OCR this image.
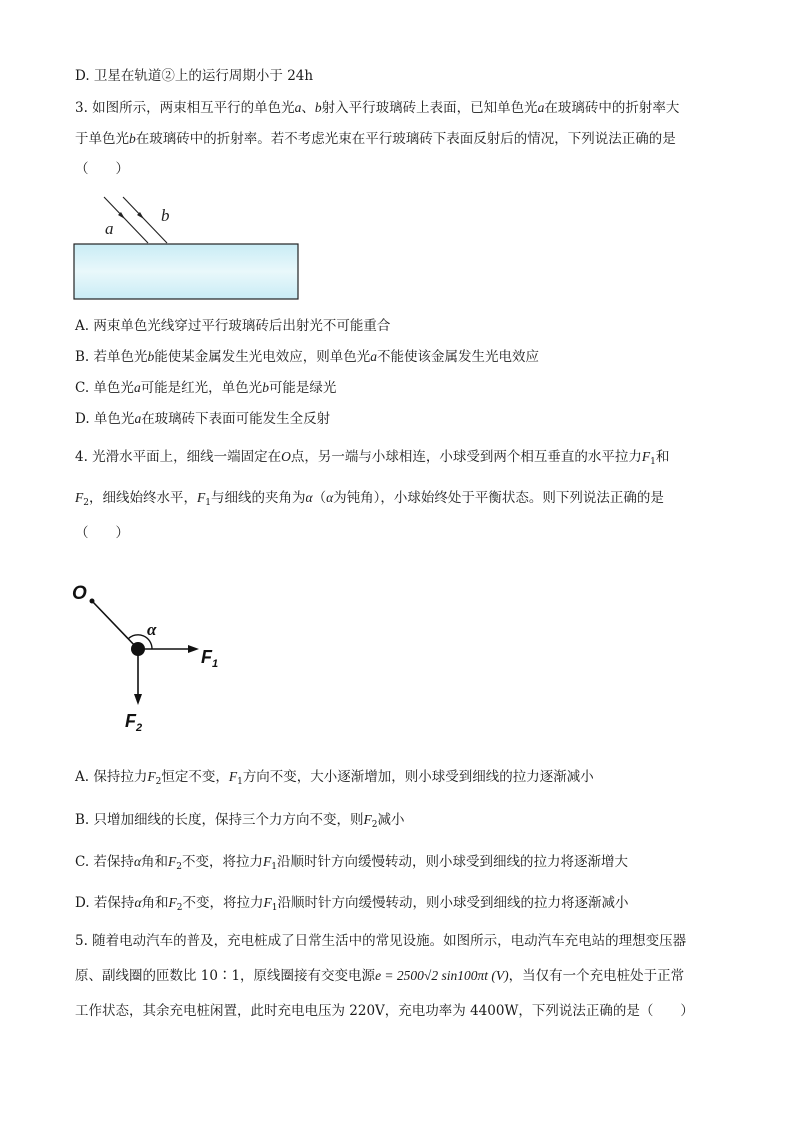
D. 卫星在轨道②上的运行周期小于 24h
3. 如图所示，两束相互平行的单色光a、b射入平行玻璃砖上表面，已知单色光a在玻璃砖中的折射率大
于单色光b在玻璃砖中的折射率。若不考虑光束在平行玻璃砖下表面反射后的情况，下列说法正确的是
（　　）
a
b
A. 两束单色光线穿过平行玻璃砖后出射光不可能重合
B. 若单色光b能使某金属发生光电效应，则单色光a不能使该金属发生光电效应
C. 单色光a可能是红光，单色光b可能是绿光
D. 单色光a在玻璃砖下表面可能发生全反射
4. 光滑水平面上，细线一端固定在O点，另一端与小球相连，小球受到两个相互垂直的水平拉力$F_1$和
$F_2$，细线始终水平，$F_1$与细线的夹角为α（α为钝角），小球始终处于平衡状态。则下列说法正确的是
（　　）
O
α
$F_1$
$F_2$
A. 保持拉力$F_2$恒定不变，$F_1$方向不变，大小逐渐增加，则小球受到细线的拉力逐渐减小
B. 只增加细线的长度，保持三个力方向不变，则$F_2$减小
C. 若保持α角和$F_2$不变，将拉力$F_1$沿顺时针方向缓慢转动，则小球受到细线的拉力将逐渐增大
D. 若保持α角和$F_2$不变，将拉力$F_1$沿顺时针方向缓慢转动，则小球受到细线的拉力将逐渐减小
5. 随着电动汽车的普及，充电桩成了日常生活中的常见设施。如图所示，电动汽车充电站的理想变压器
原、副线圈的匝数比 10∶1，原线圈接有交变电源e = 2500√2 sin100πt (V)，当仅有一个充电桩处于正常
工作状态，其余充电桩闲置，此时充电电压为 220V，充电功率为 4400W，下列说法正确的是（　　）
